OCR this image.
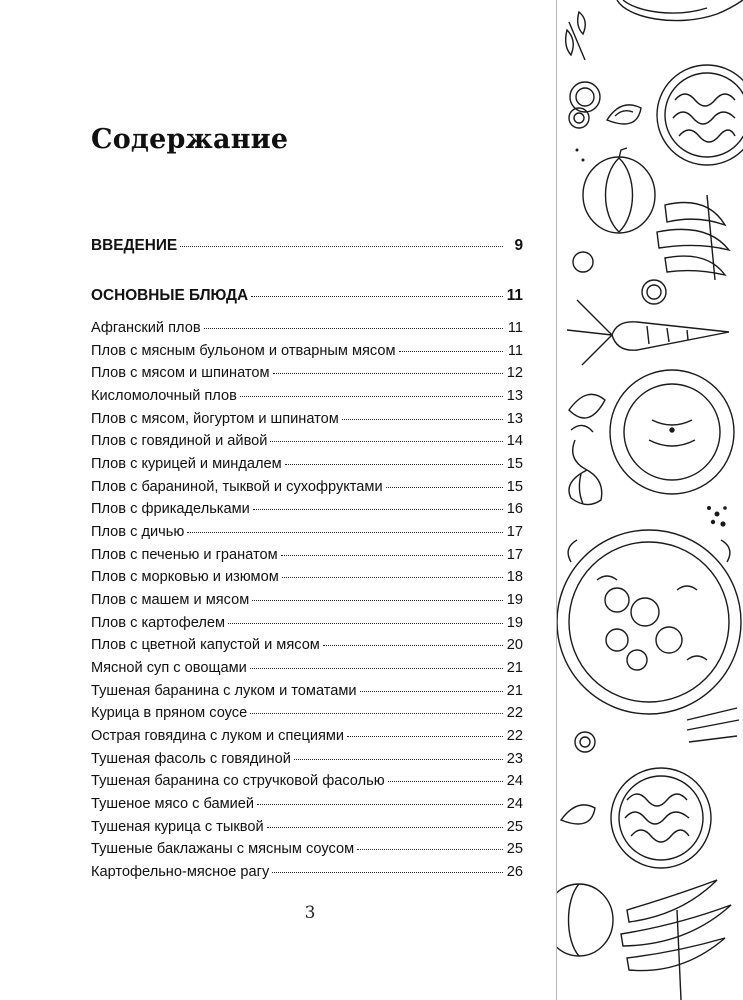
Содержание
ВВЕДЕНИЕ	9
ОСНОВНЫЕ БЛЮДА	11
Афганский плов	11
Плов с мясным бульоном и отварным мясом	11
Плов с мясом и шпинатом	12
Кисломолочный плов	13
Плов с мясом, йогуртом и шпинатом	13
Плов с говядиной и айвой	14
Плов с курицей и миндалем	15
Плов с бараниной, тыквой и сухофруктами	15
Плов с фрикадельками	16
Плов с дичью	17
Плов с печенью и гранатом	17
Плов с морковью и изюмом	18
Плов с машем и мясом	19
Плов с картофелем	19
Плов с цветной капустой и мясом	20
Мясной суп с овощами	21
Тушеная баранина с луком и томатами	21
Курица в пряном соусе	22
Острая говядина с луком и специями	22
Тушеная фасоль с говядиной	23
Тушеная баранина со стручковой фасолью	24
Тушеное мясо с бамией	24
Тушеная курица с тыквой	25
Тушеные баклажаны с мясным соусом	25
Картофельно-мясное рагу	26
3
